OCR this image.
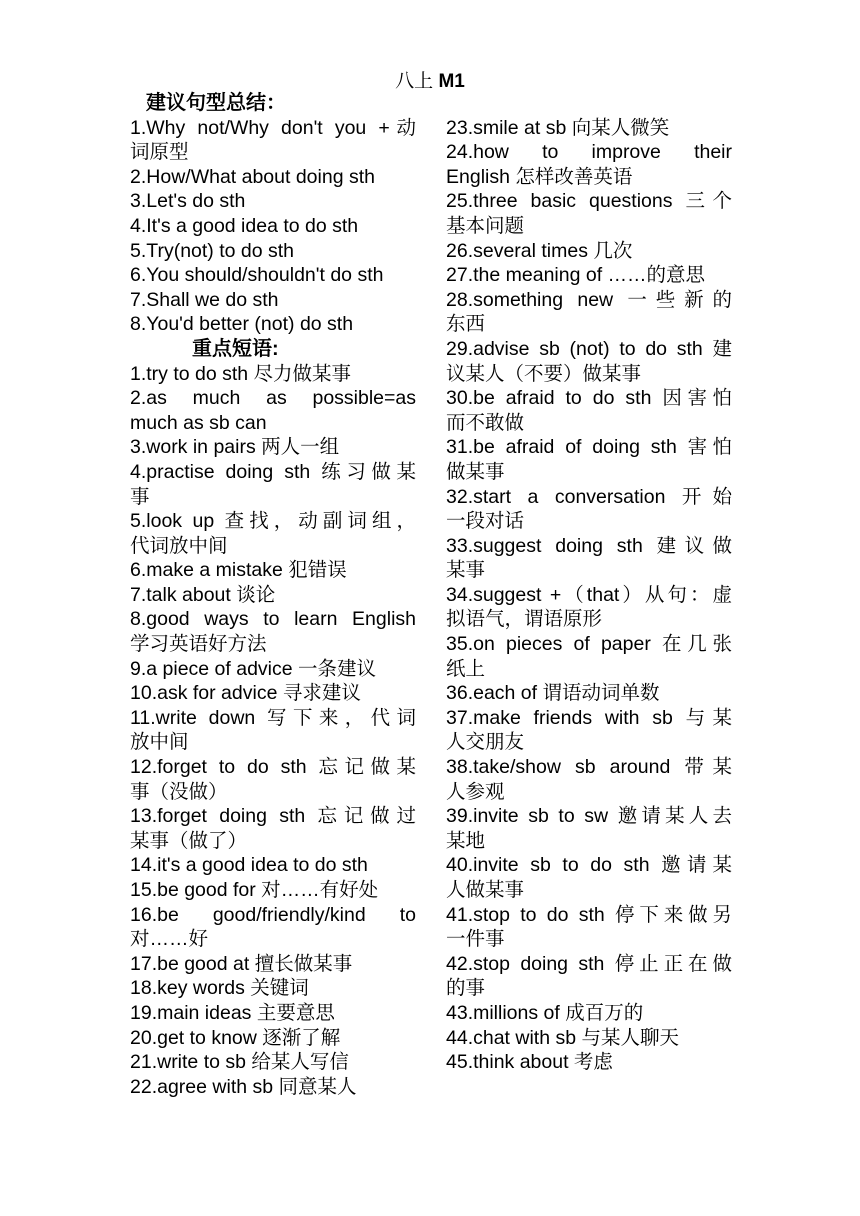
八上 M1
建议句型总结：
1.Why not/Why don't you +动
词原型
2.How/What about doing sth
3.Let's do sth
4.It's a good idea to do sth
5.Try(not) to do sth
6.You should/shouldn't do sth
7.Shall we do sth
8.You'd better (not) do sth
重点短语:
1.try to do sth 尽力做某事
2.as much as possible=as
much as sb can
3.work in pairs 两人一组
4.practise doing sth 练习做某
事
5.look up 查找，动副词组，
代词放中间
6.make a mistake 犯错误
7.talk about 谈论
8.good ways to learn English
学习英语好方法
9.a piece of advice 一条建议
10.ask for advice 寻求建议
11.write down 写下来，代词
放中间
12.forget to do sth 忘记做某
事（没做）
13.forget doing sth 忘记做过
某事（做了）
14.it's a good idea to do sth
15.be good for 对……有好处
16.be good/friendly/kind to
对……好
17.be good at 擅长做某事
18.key words 关键词
19.main ideas 主要意思
20.get to know 逐渐了解
21.write to sb 给某人写信
22.agree with sb 同意某人
23.smile at sb 向某人微笑
24.how to improve their
English 怎样改善英语
25.three basic questions 三个
基本问题
26.several times 几次
27.the meaning of ……的意思
28.something new 一些新的
东西
29.advise sb (not) to do sth 建
议某人（不要）做某事
30.be afraid to do sth 因害怕
而不敢做
31.be afraid of doing sth 害怕
做某事
32.start a conversation 开始
一段对话
33.suggest doing sth 建议做
某事
34.suggest +（that）从句：虚
拟语气，谓语原形
35.on pieces of paper 在几张
纸上
36.each of 谓语动词单数
37.make friends with sb 与某
人交朋友
38.take/show sb around 带某
人参观
39.invite sb to sw 邀请某人去
某地
40.invite sb to do sth 邀请某
人做某事
41.stop to do sth 停下来做另
一件事
42.stop doing sth 停止正在做
的事
43.millions of 成百万的
44.chat with sb 与某人聊天
45.think about 考虑
